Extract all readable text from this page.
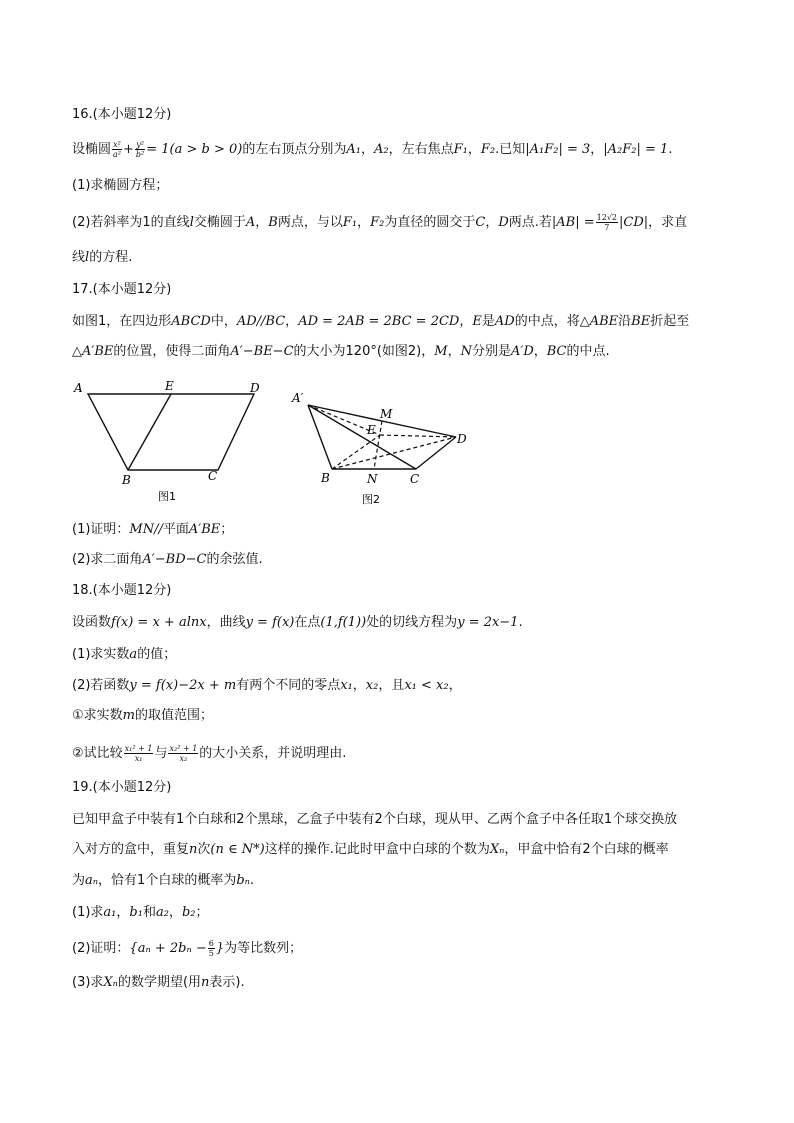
16.(本小题12分)
设椭圆 $\frac{\text{x²}}{\text{a²}} + \frac{\text{y²}}{\text{b²}} = 1(a > b > 0)$的左右顶点分别为A₁，A₂，左右焦点F₁，F₂.已知|A₁F₂| = 3，|A₂F₂| = 1.
(1)求椭圆方程；
(2)若斜率为1的直线l交椭圆于A，B两点，与以F₁，F₂为直径的圆交于C，D两点.若$|AB| = \frac{12√2}{7} |CD|$，求直
线l的方程.
17.(本小题12分)
如图1，在四边形ABCD中，AD//BC，AD = 2AB = 2BC = 2CD，E是AD的中点，将△ABE沿BE折起至
△A′BE的位置，使得二面角A′−BE−C的大小为120°(如图2)，M，N分别是A′D，BC的中点.
A	E	D
B	C
图1
A′
M
E
D
B	N	C
图2
(1)证明：MN//平面A′BE；
(2)求二面角A′−BD−C的余弦值.
18.(本小题12分)
设函数f(x) = x + alnx，曲线y = f(x)在点(1,f(1))处的切线方程为y = 2x−1.
(1)求实数a的值；
(2)若函数y = f(x)−2x + m有两个不同的零点x₁，x₂，且x₁ < x₂，
①求实数m的取值范围；
②试比较 $\frac{\text{x₁² + 1}}{\text{x₁}}$ 与 $\frac{\text{x₂² + 1}}{\text{x₂}}$ 的大小关系，并说明理由.
19.(本小题12分)
已知甲盒子中装有1个白球和2个黑球，乙盒子中装有2个白球，现从甲、乙两个盒子中各任取1个球交换放
入对方的盒中，重复n次(n ∈ N*)这样的操作.记此时甲盒中白球的个数为Xₙ，甲盒中恰有2个白球的概率
为aₙ，恰有1个白球的概率为bₙ.
(1)求a₁，b₁和a₂，b₂；
(2)证明：{$a_n + 2b_n - \frac{6}{5}$ }为等比数列；
(3)求Xₙ的数学期望(用n表示).
